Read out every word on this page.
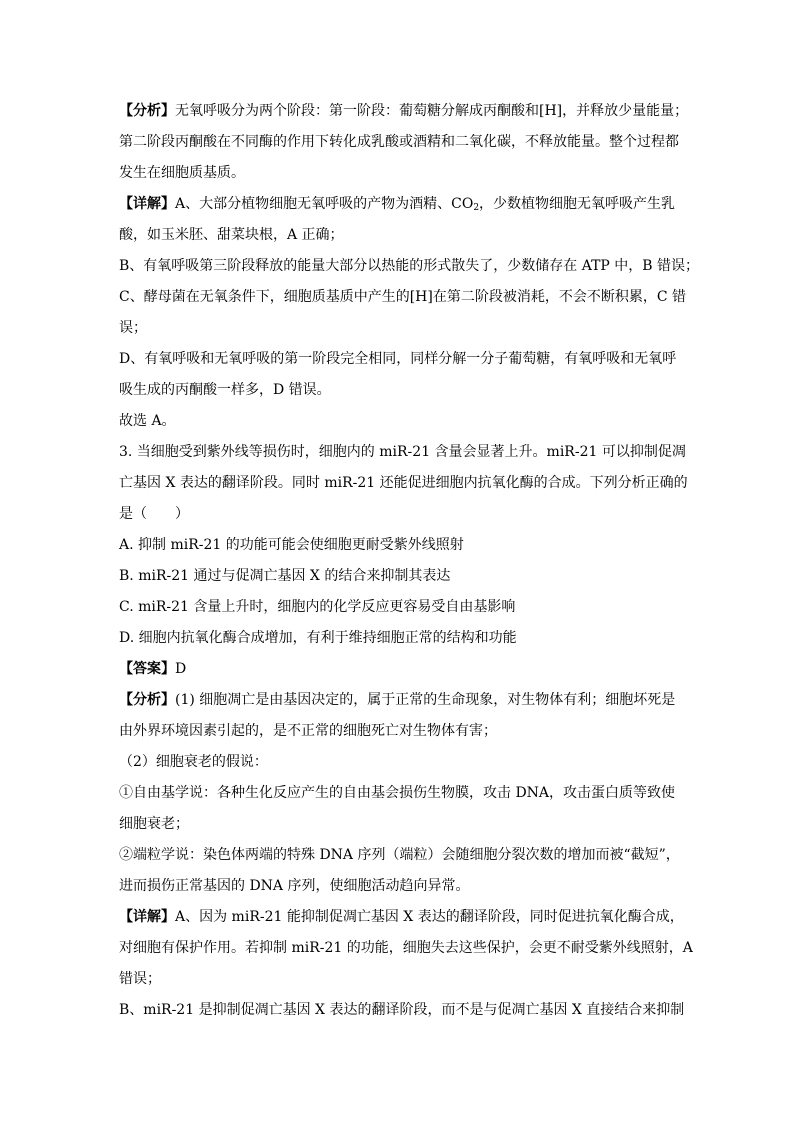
【分析】无氧呼吸分为两个阶段：第一阶段：葡萄糖分解成丙酮酸和[H]，并释放少量能量；
第二阶段丙酮酸在不同酶的作用下转化成乳酸或酒精和二氧化碳，不释放能量。整个过程都
发生在细胞质基质。
【详解】A、大部分植物细胞无氧呼吸的产物为酒精、$CO_2$，少数植物细胞无氧呼吸产生乳
酸，如玉米胚、甜菜块根，A 正确；
B、有氧呼吸第三阶段释放的能量大部分以热能的形式散失了，少数储存在 ATP 中，B 错误；
C、酵母菌在无氧条件下，细胞质基质中产生的[H]在第二阶段被消耗，不会不断积累，C 错
误；
D、有氧呼吸和无氧呼吸的第一阶段完全相同，同样分解一分子葡萄糖，有氧呼吸和无氧呼
吸生成的丙酮酸一样多，D 错误。
故选 A。
3. 当细胞受到紫外线等损伤时，细胞内的 miR-21 含量会显著上升。miR-21 可以抑制促凋
亡基因 X 表达的翻译阶段。同时 miR-21 还能促进细胞内抗氧化酶的合成。下列分析正确的
是（　　）
A. 抑制 miR-21 的功能可能会使细胞更耐受紫外线照射
B. miR-21 通过与促凋亡基因 X 的结合来抑制其表达
C. miR-21 含量上升时，细胞内的化学反应更容易受自由基影响
D. 细胞内抗氧化酶合成增加，有利于维持细胞正常的结构和功能
【答案】D
【分析】(1) 细胞凋亡是由基因决定的，属于正常的生命现象，对生物体有利；细胞坏死是
由外界环境因素引起的，是不正常的细胞死亡对生物体有害；
（2）细胞衰老的假说：
①自由基学说：各种生化反应产生的自由基会损伤生物膜，攻击 DNA，攻击蛋白质等致使
细胞衰老；
②端粒学说：染色体两端的特殊 DNA 序列（端粒）会随细胞分裂次数的增加而被“截短”，
进而损伤正常基因的 DNA 序列，使细胞活动趋向异常。
【详解】A、因为 miR-21 能抑制促凋亡基因 X 表达的翻译阶段，同时促进抗氧化酶合成，
对细胞有保护作用。若抑制 miR-21 的功能，细胞失去这些保护，会更不耐受紫外线照射，A
错误；
B、miR-21 是抑制促凋亡基因 X 表达的翻译阶段，而不是与促凋亡基因 X 直接结合来抑制
